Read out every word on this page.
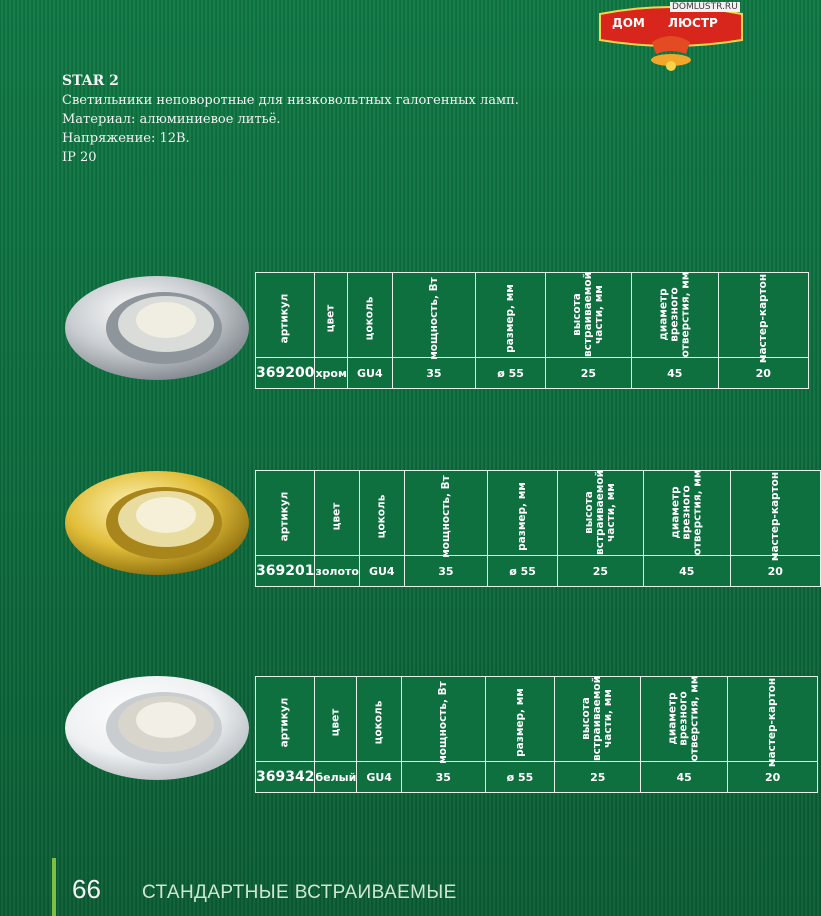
DOMLUSTR.RU
ДОМ ЛЮСТР
STAR 2
Светильники неповоротные для низковольтных галогенных ламп.
Материал: алюминиевое литьё.
Напряжение: 12В.
IP 20
артикул	цвет	цоколь	мощность, Вт	размер, мм	высота
встраиваемой
части, мм	диаметр
врезного
отверстия, мм	мастер-картон
369200	хром	GU4	35	ø 55	25	45	20
артикул	цвет	цоколь	мощность, Вт	размер, мм	высота
встраиваемой
части, мм	диаметр
врезного
отверстия, мм	мастер-картон
369201	золото	GU4	35	ø 55	25	45	20
артикул	цвет	цоколь	мощность, Вт	размер, мм	высота
встраиваемой
части, мм	диаметр
врезного
отверстия, мм	мастер-картон
369342	белый	GU4	35	ø 55	25	45	20
66 СТАНДАРТНЫЕ ВСТРАИВАЕМЫЕ
